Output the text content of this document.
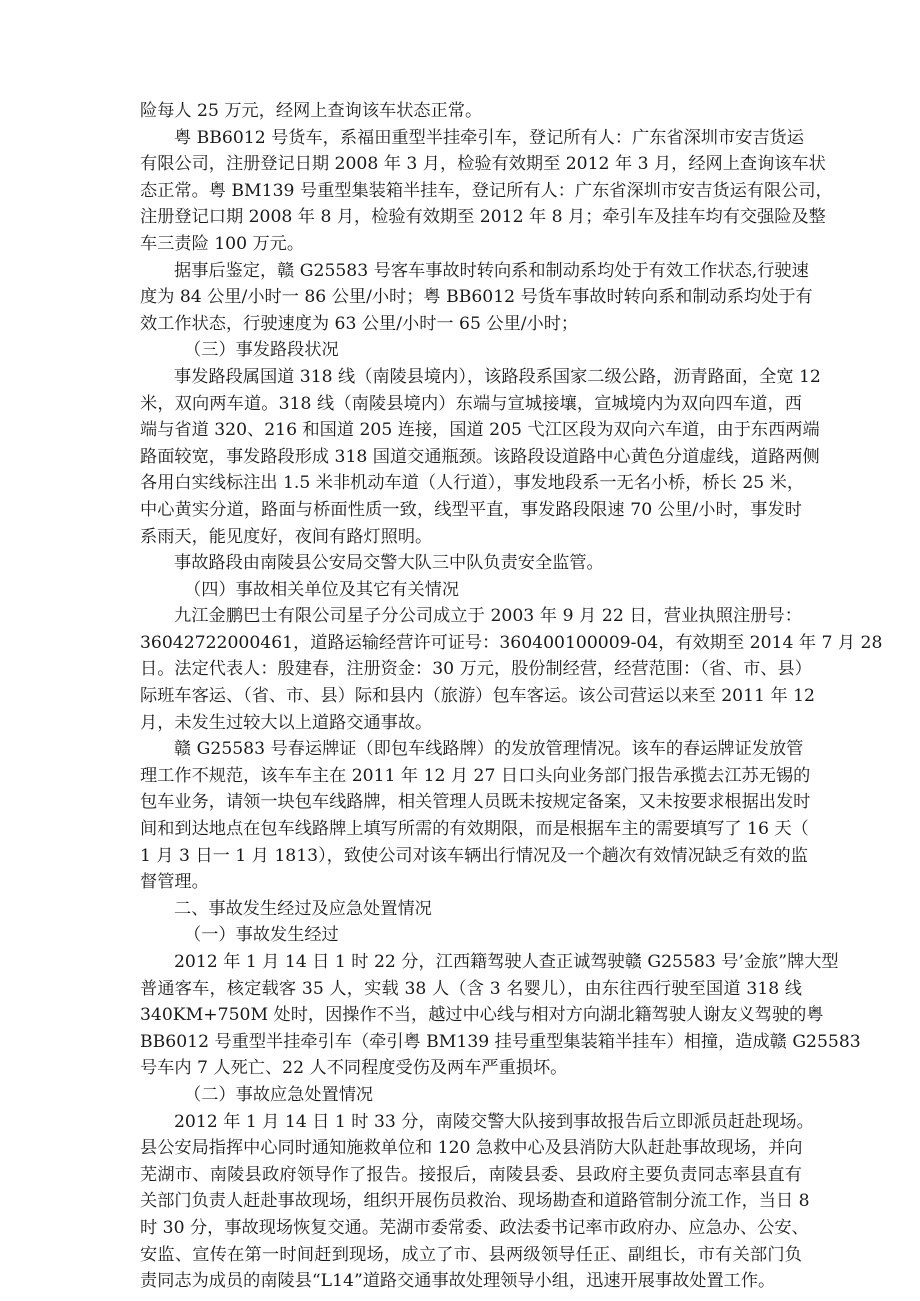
险每人 25 万元，经网上查询该车状态正常。
粤 BB6012 号货车，系福田重型半挂牵引车，登记所有人：广东省深圳市安吉货运
有限公司，注册登记日期 2008 年 3 月，检验有效期至 2012 年 3 月，经网上查询该车状
态正常。粤 BM139 号重型集装箱半挂车，登记所有人：广东省深圳市安吉货运有限公司，
注册登记口期 2008 年 8 月，检验有效期至 2012 年 8 月；牵引车及挂车均有交强险及整
车三责险 100 万元。
据事后鉴定，赣 G25583 号客车事故时转向系和制动系均处于有效工作状态,行驶速
度为 84 公里/小时一 86 公里/小时；粤 BB6012 号货车事故时转向系和制动系均处于有
效工作状态，行驶速度为 63 公里/小时一 65 公里/小时；
（三）事发路段状况
事发路段属国道 318 线（南陵县境内），该路段系国家二级公路，沥青路面，全宽 12
米，双向两车道。318 线（南陵县境内）东端与宣城接壤，宣城境内为双向四车道，西
端与省道 320、216 和国道 205 连接，国道 205 弋江区段为双向六车道，由于东西两端
路面较宽，事发路段形成 318 国道交通瓶颈。该路段设道路中心黄色分道虚线，道路两侧
各用白实线标注出 1.5 米非机动车道（人行道），事发地段系一无名小桥，桥长 25 米，
中心黄实分道，路面与桥面性质一致，线型平直，事发路段限速 70 公里/小时，事发时
系雨天，能见度好，夜间有路灯照明。
事故路段由南陵县公安局交警大队三中队负责安全监管。
（四）事故相关单位及其它有关情况
九江金鹏巴士有限公司星子分公司成立于 2003 年 9 月 22 日，营业执照注册号：
36042722000461，道路运输经营许可证号：360400100009-04，有效期至 2014 年 7 月 28
日。法定代表人：殷建春，注册资金：30 万元，股份制经营，经营范围：（省、市、县）
际班车客运、（省、市、县）际和县内（旅游）包车客运。该公司营运以来至 2011 年 12
月，未发生过较大以上道路交通事故。
赣 G25583 号春运牌证（即包车线路牌）的发放管理情况。该车的春运牌证发放管
理工作不规范，该车车主在 2011 年 12 月 27 日口头向业务部门报告承揽去江苏无锡的
包车业务，请领一块包车线路牌，相关管理人员既未按规定备案，又未按要求根据出发时
间和到达地点在包车线路牌上填写所需的有效期限，而是根据车主的需要填写了 16 天（
1 月 3 日一 1 月 1813），致使公司对该车辆出行情况及一个趟次有效情况缺乏有效的监
督管理。
二、事故发生经过及应急处置情况
（一）事故发生经过
2012 年 1 月 14 日 1 时 22 分，江西籍驾驶人查正诚驾驶赣 G25583 号’金旅”牌大型
普通客车，核定载客 35 人，实载 38 人（含 3 名婴儿），由东往西行驶至国道 318 线
340KM+750M 处时，因操作不当，越过中心线与相对方向湖北籍驾驶人谢友义驾驶的粤
BB6012 号重型半挂牵引车（牵引粤 BM139 挂号重型集装箱半挂车）相撞，造成赣 G25583
号车内 7 人死亡、22 人不同程度受伤及两车严重损坏。
（二）事故应急处置情况
2012 年 1 月 14 日 1 时 33 分，南陵交警大队接到事故报告后立即派员赶赴现场。
县公安局指挥中心同时通知施救单位和 120 急救中心及县消防大队赶赴事故现场，并向
芜湖市、南陵县政府领导作了报告。接报后，南陵县委、县政府主要负责同志率县直有
关部门负责人赶赴事故现场，组织开展伤员救治、现场勘查和道路管制分流工作，当日 8
时 30 分，事故现场恢复交通。芜湖市委常委、政法委书记率市政府办、应急办、公安、
安监、宣传在第一时间赶到现场，成立了市、县两级领导任正、副组长，市有关部门负
责同志为成员的南陵县“L14”道路交通事故处理领导小组，迅速开展事故处置工作。
